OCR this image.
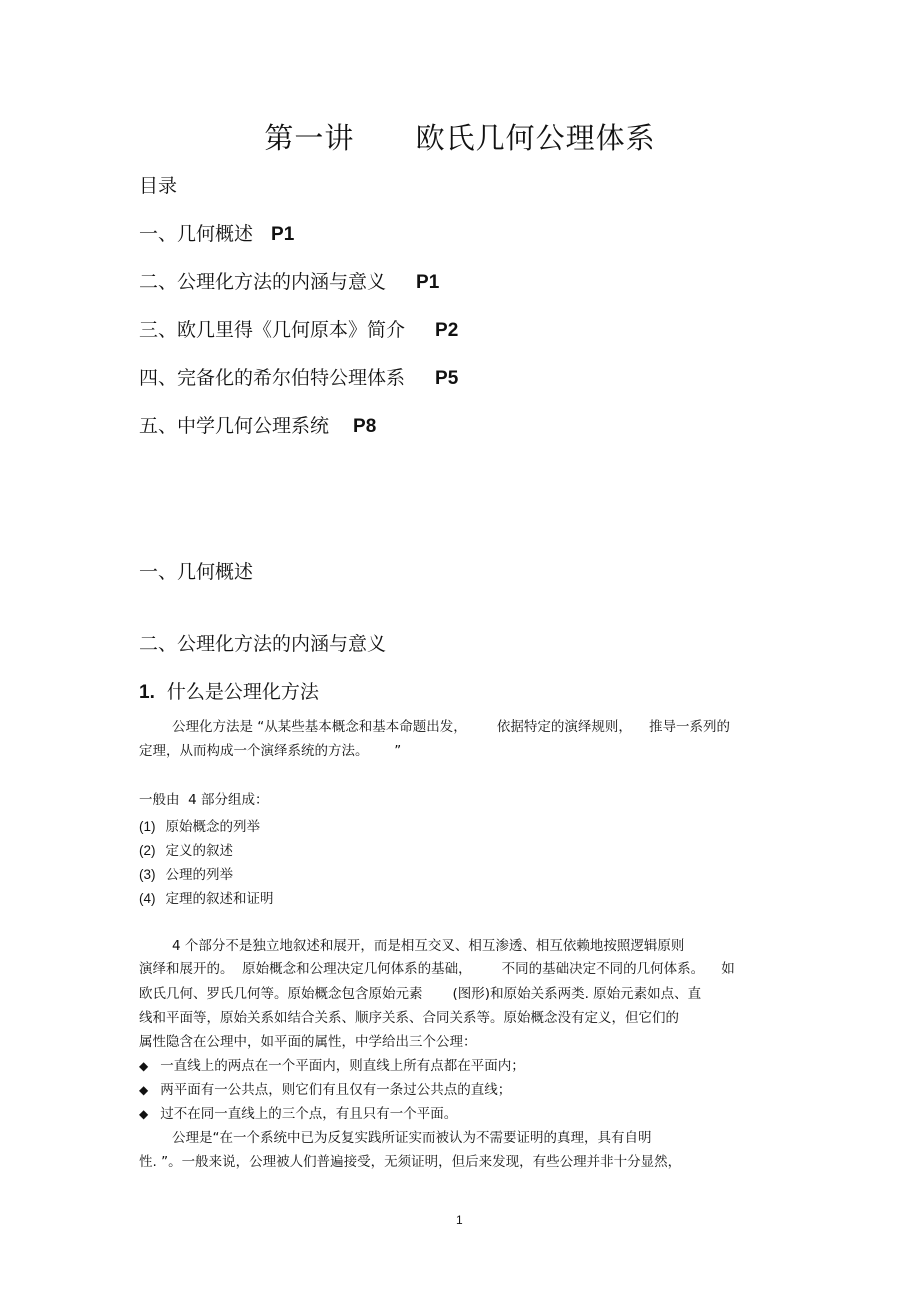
第一讲      欧氏几何公理体系
目录
一、几何概述 P1
二、公理化方法的内涵与意义 P1
三、欧几里得《几何原本》简介 P2
四、完备化的希尔伯特公理体系 P5
五、中学几何公理系统 P8
一、几何概述
二、公理化方法的内涵与意义
1. 什么是公理化方法
公理化方法是 “从某些基本概念和基本命题出发，       依据特定的演绎规则，    推导一系列的
定理，从而构成一个演绎系统的方法。      ”
一般由  4 部分组成：
(1) 原始概念的列举
(2) 定义的叙述
(3) 公理的列举
(4) 定理的叙述和证明
4 个部分不是独立地叙述和展开，而是相互交叉、相互渗透、相互依赖地按照逻辑原则
演绎和展开的。  原始概念和公理决定几何体系的基础，       不同的基础决定不同的几何体系。    如
欧氏几何、罗氏几何等。原始概念包含原始元素       (图形)和原始关系两类. 原始元素如点、直
线和平面等，原始关系如结合关系、顺序关系、合同关系等。原始概念没有定义，但它们的
属性隐含在公理中，如平面的属性，中学给出三个公理：
◆ 一直线上的两点在一个平面内，则直线上所有点都在平面内；
◆ 两平面有一公共点，则它们有且仅有一条过公共点的直线；
◆ 过不在同一直线上的三个点，有且只有一个平面。
公理是“在一个系统中已为反复实践所证实而被认为不需要证明的真理，具有自明
性. ”。一般来说，公理被人们普遍接受，无须证明，但后来发现，有些公理并非十分显然，
1
